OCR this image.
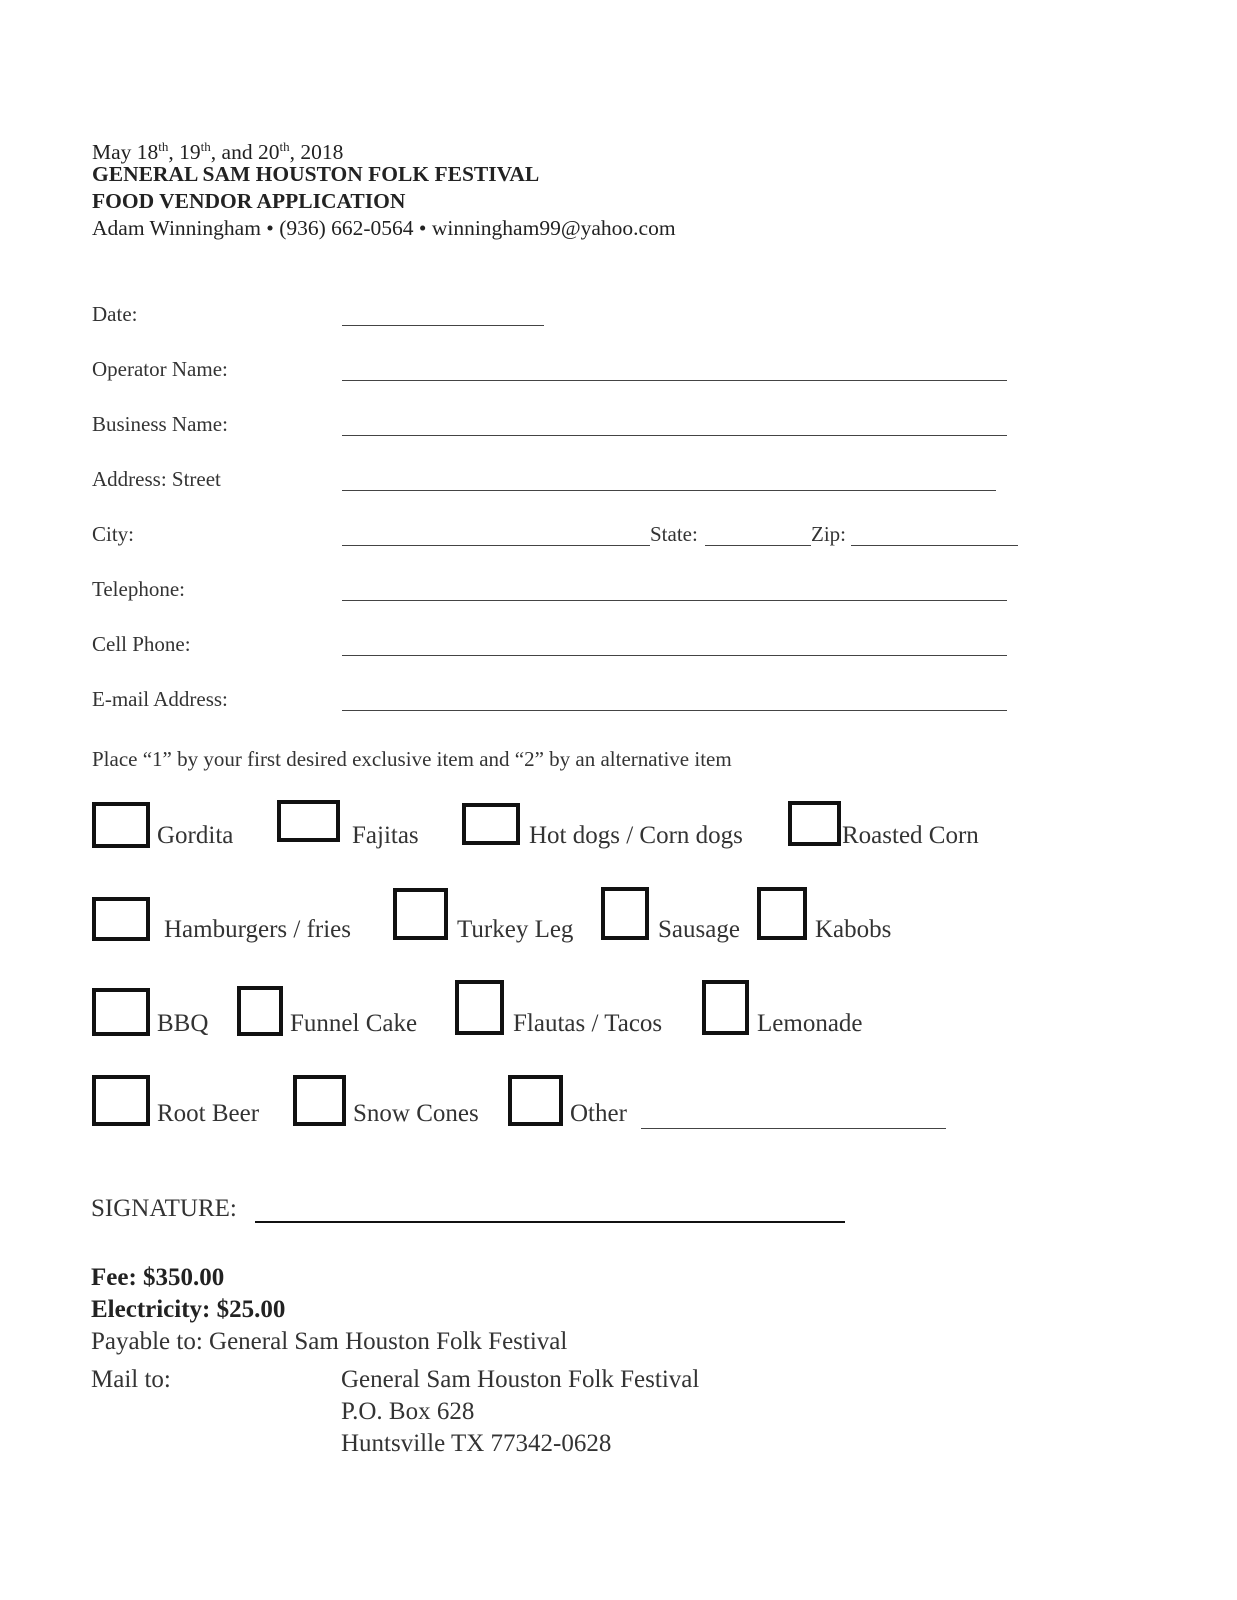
May 18th, 19th, and 20th, 2018
GENERAL SAM HOUSTON FOLK FESTIVAL
FOOD VENDOR APPLICATION
Adam Winningham • (936) 662-0564 • winningham99@yahoo.com
Date:
Operator Name:
Business Name:
Address: Street
City:	State:	Zip:
Telephone:
Cell Phone:
E-mail Address:
Place “1” by your first desired exclusive item and “2” by an alternative item
Gordita	Fajitas	Hot dogs / Corn dogs	Roasted Corn
Hamburgers / fries	Turkey Leg	Sausage	Kabobs
BBQ	Funnel Cake	Flautas / Tacos	Lemonade
Root Beer	Snow Cones	Other
SIGNATURE:
Fee: $350.00
Electricity: $25.00
Payable to: General Sam Houston Folk Festival
Mail to:	General Sam Houston Folk Festival
P.O. Box 628
Huntsville TX 77342-0628
